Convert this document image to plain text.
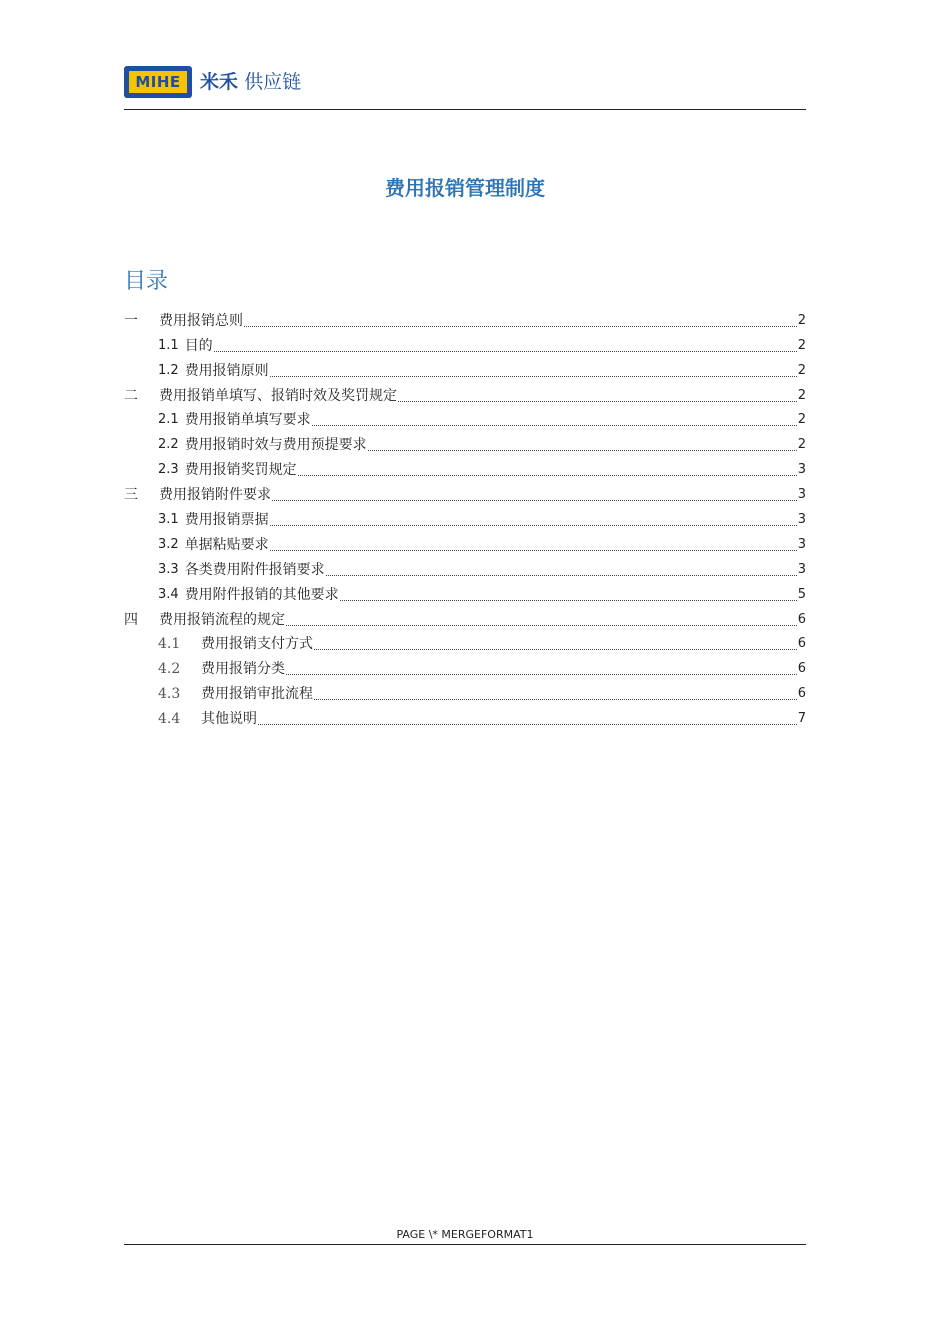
MIHE	米禾 供应链
费用报销管理制度
目录
一	费用报销总则	2
1.1 目的	2
1.2 费用报销原则	2
二	费用报销单填写、报销时效及奖罚规定	2
2.1 费用报销单填写要求	2
2.2 费用报销时效与费用预提要求	2
2.3 费用报销奖罚规定	3
三	费用报销附件要求	3
3.1 费用报销票据	3
3.2 单据粘贴要求	3
3.3 各类费用附件报销要求	3
3.4 费用附件报销的其他要求	5
四	费用报销流程的规定	6
4.1	费用报销支付方式	6
4.2	费用报销分类	6
4.3	费用报销审批流程	6
4.4	其他说明	7
PAGE \* MERGEFORMAT1
